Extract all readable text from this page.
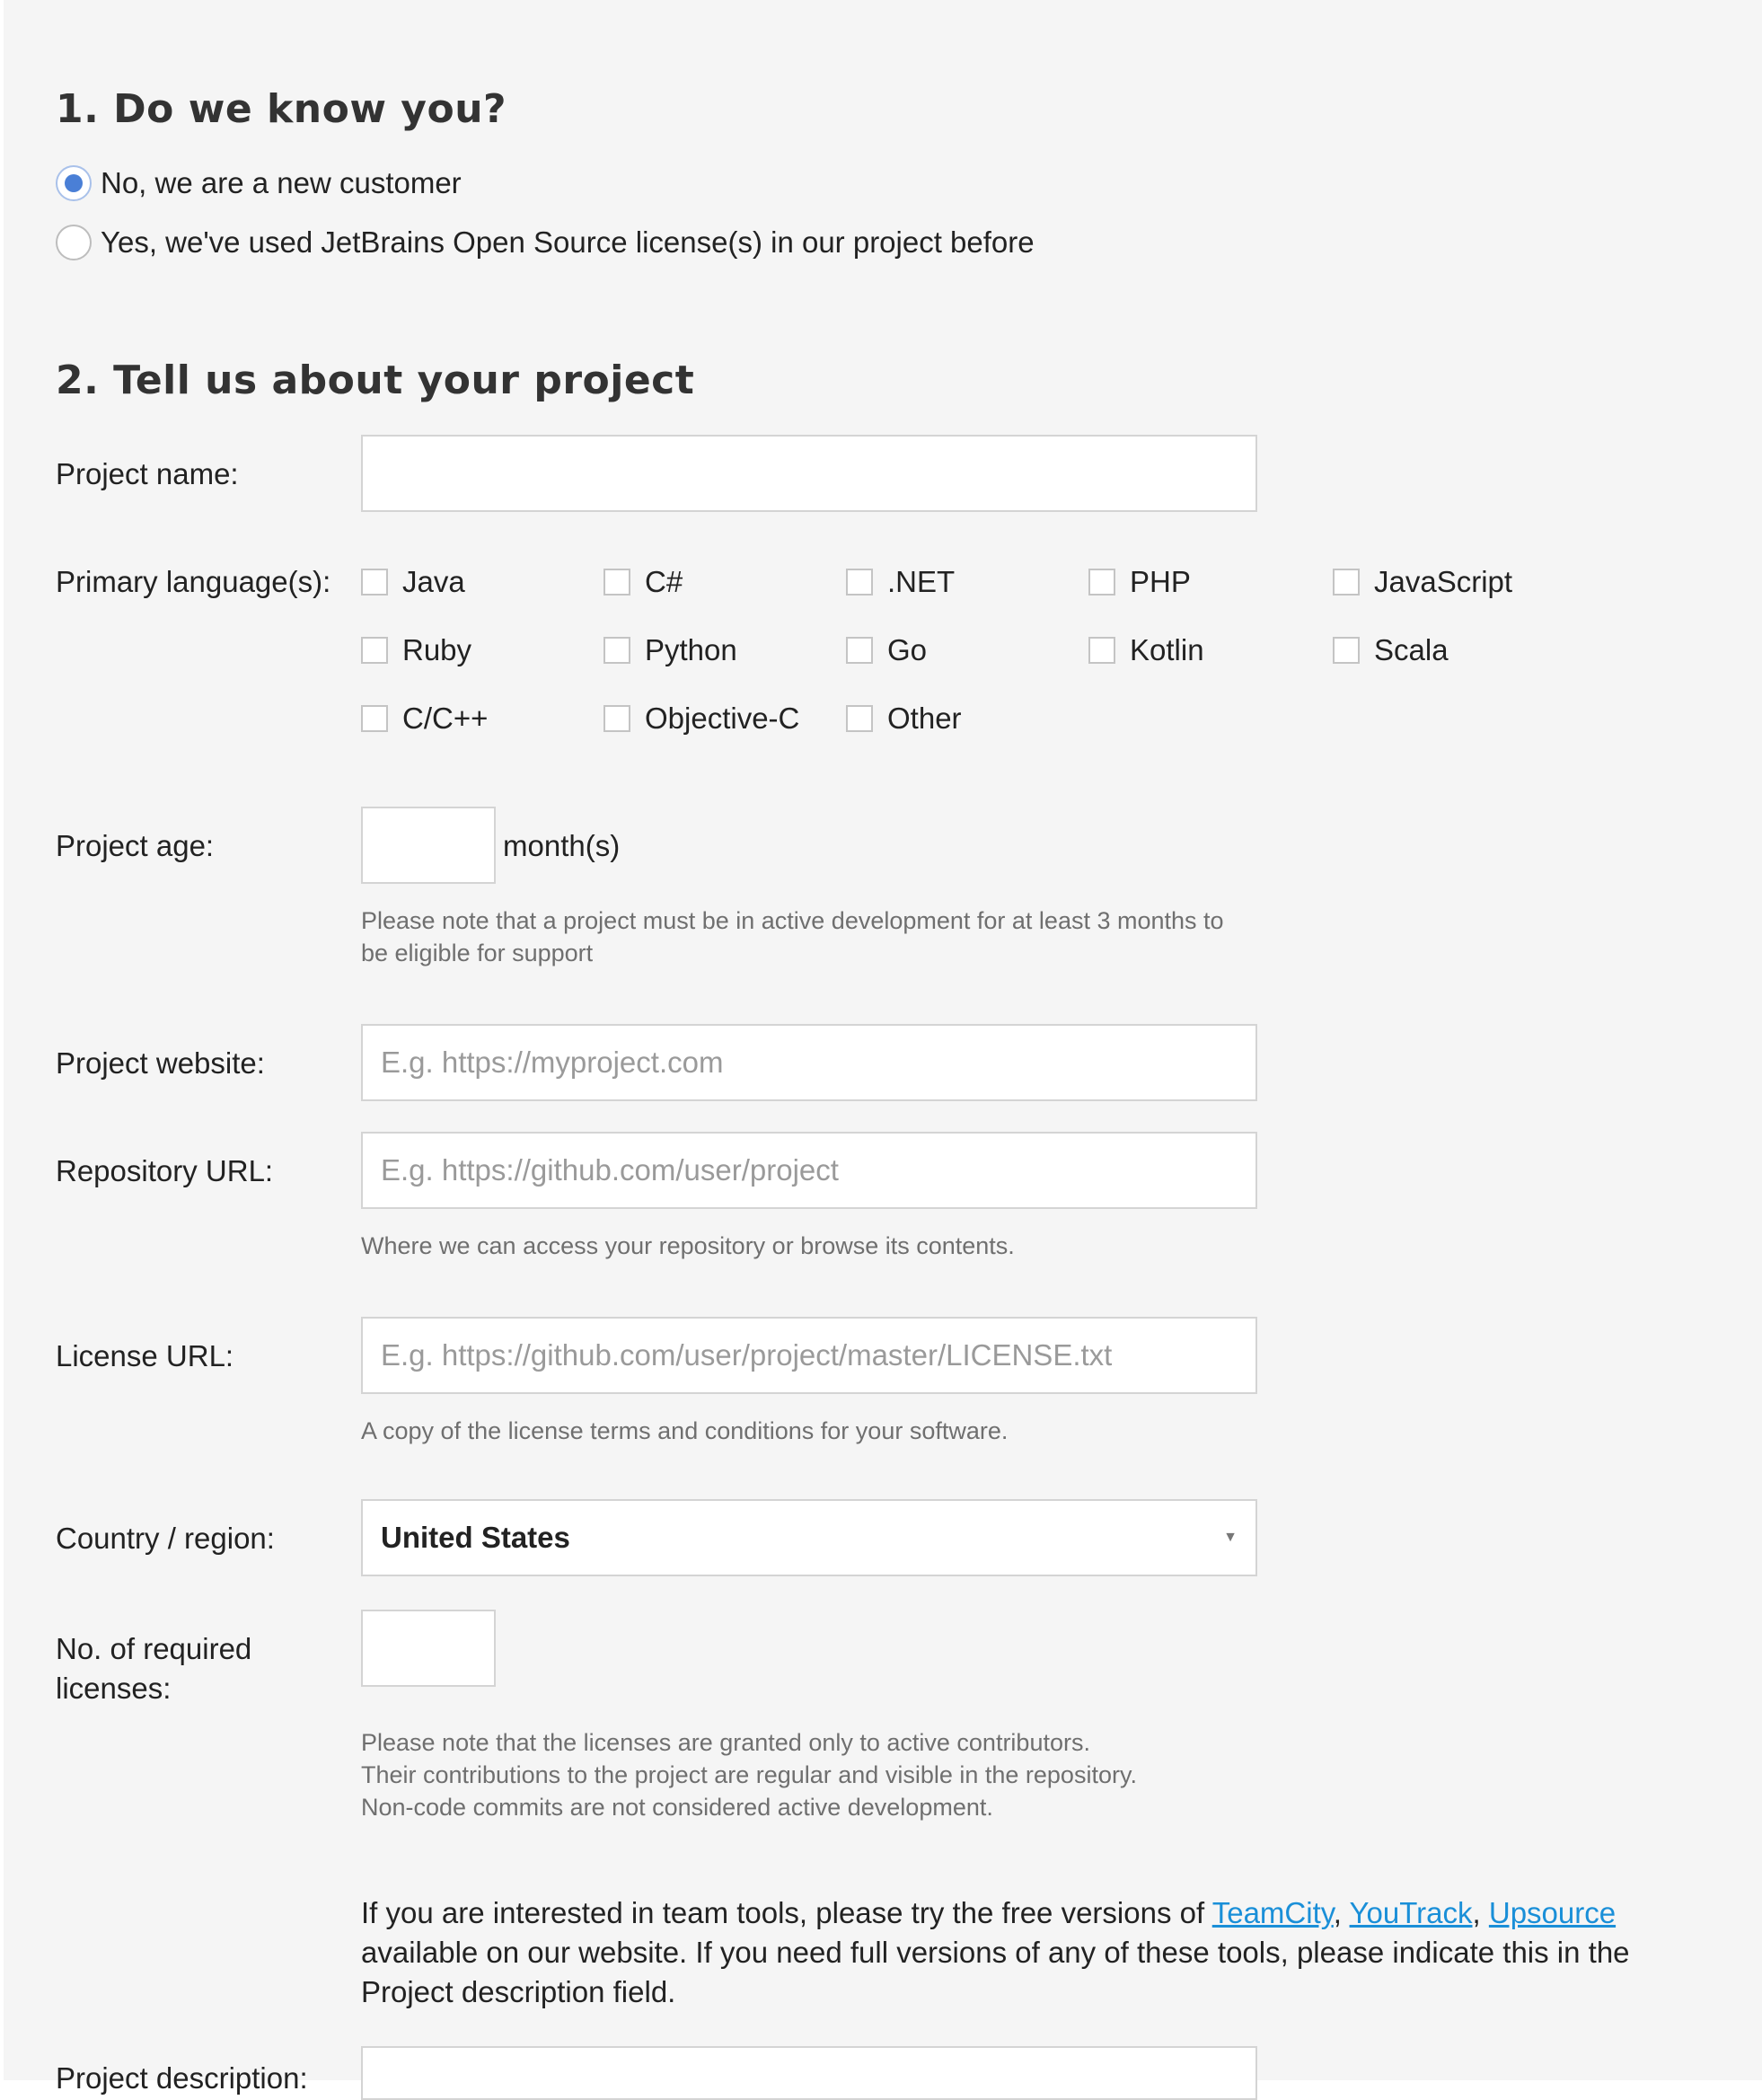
1. Do we know you?
No, we are a new customer
Yes, we've used JetBrains Open Source license(s) in our project before
2. Tell us about your project
Project name:
Primary language(s): Java	C#	.NET	PHP	JavaScript
Ruby	Python	Go	Kotlin	Scala
C/C++	Objective-C	Other
Project age:	month(s)
Please note that a project must be in active development for at least 3 months to
be eligible for support
Project website:
E.g. https://myproject.com
Repository URL:
E.g. https://github.com/user/project
Where we can access your repository or browse its contents.
License URL:
E.g. https://github.com/user/project/master/LICENSE.txt
A copy of the license terms and conditions for your software.
Country / region:	United States	▼
No. of required
licenses:
Please note that the licenses are granted only to active contributors.
Their contributions to the project are regular and visible in the repository.
Non-code commits are not considered active development.
If you are interested in team tools, please try the free versions of TeamCity, YouTrack, Upsource available on our website. If you need full versions of any of these tools, please indicate this in the Project description field.
Project description:
